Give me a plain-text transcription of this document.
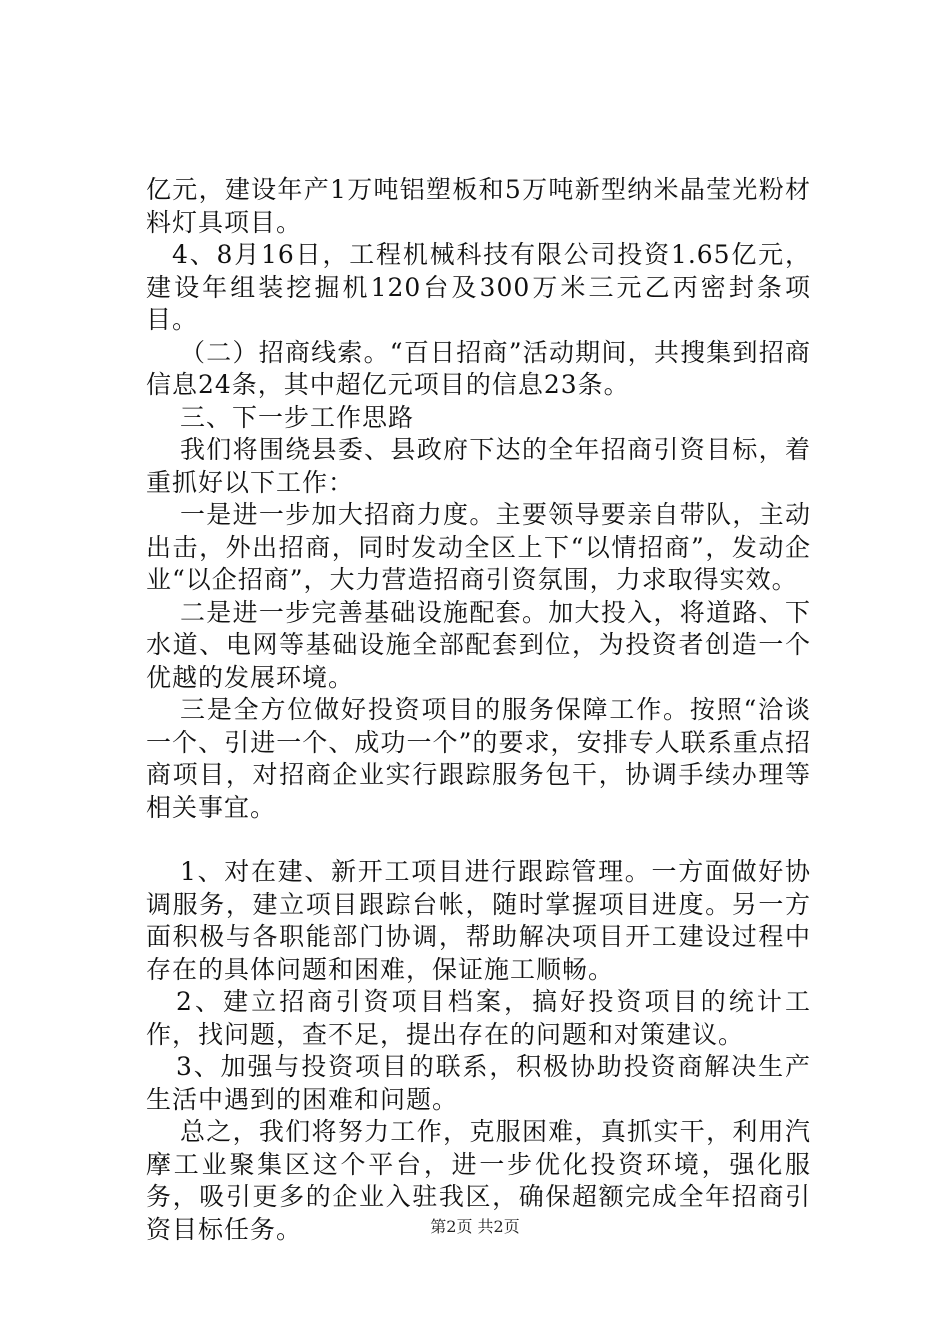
亿元，建设年产1万吨铝塑板和5万吨新型纳米晶莹光粉材料灯具项目。

4、8月16日，工程机械科技有限公司投资1.65亿元，建设年组装挖掘机120台及300万米三元乙丙密封条项目。

（二）招商线索。“百日招商”活动期间，共搜集到招商信息24条，其中超亿元项目的信息23条。

三、下一步工作思路

我们将围绕县委、县政府下达的全年招商引资目标，着重抓好以下工作：

一是进一步加大招商力度。主要领导要亲自带队，主动出击，外出招商，同时发动全区上下“以情招商”，发动企业“以企招商”，大力营造招商引资氛围，力求取得实效。

二是进一步完善基础设施配套。加大投入，将道路、下水道、电网等基础设施全部配套到位，为投资者创造一个优越的发展环境。

三是全方位做好投资项目的服务保障工作。按照“洽谈一个、引进一个、成功一个”的要求，安排专人联系重点招商项目，对招商企业实行跟踪服务包干，协调手续办理等相关事宜。

1、对在建、新开工项目进行跟踪管理。一方面做好协调服务，建立项目跟踪台帐，随时掌握项目进度。另一方面积极与各职能部门协调，帮助解决项目开工建设过程中存在的具体问题和困难，保证施工顺畅。

2、建立招商引资项目档案，搞好投资项目的统计工作，找问题，查不足，提出存在的问题和对策建议。

3、加强与投资项目的联系，积极协助投资商解决生产生活中遇到的困难和问题。

总之，我们将努力工作，克服困难，真抓实干，利用汽摩工业聚集区这个平台，进一步优化投资环境，强化服务，吸引更多的企业入驻我区，确保超额完成全年招商引资目标任务。	第2页 共2页
